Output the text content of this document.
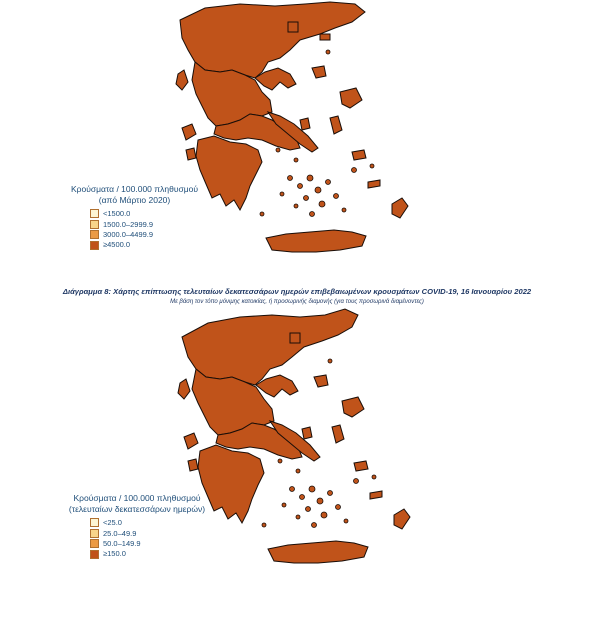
Κρούσματα / 100.000 πληθυσμού
(από Μάρτιο 2020)
<1500.0
1500.0–2999.9
3000.0–4499.9
≥4500.0
Διάγραμμα 8: Χάρτης επίπτωσης τελευταίων δεκατεσσάρων ημερών επιβεβαιωμένων κρουσμάτων COVID-19, 16 Ιανουαρίου 2022
Με βάση τον τόπο μόνιμης κατοικίας, ή προσωρινής διαμονής (για τους προσωρινά διαμένοντες)
Κρούσματα / 100.000 πληθυσμού
(τελευταίων δεκατεσσάρων ημερών)
<25.0
25.0–49.9
50.0–149.9
≥150.0
